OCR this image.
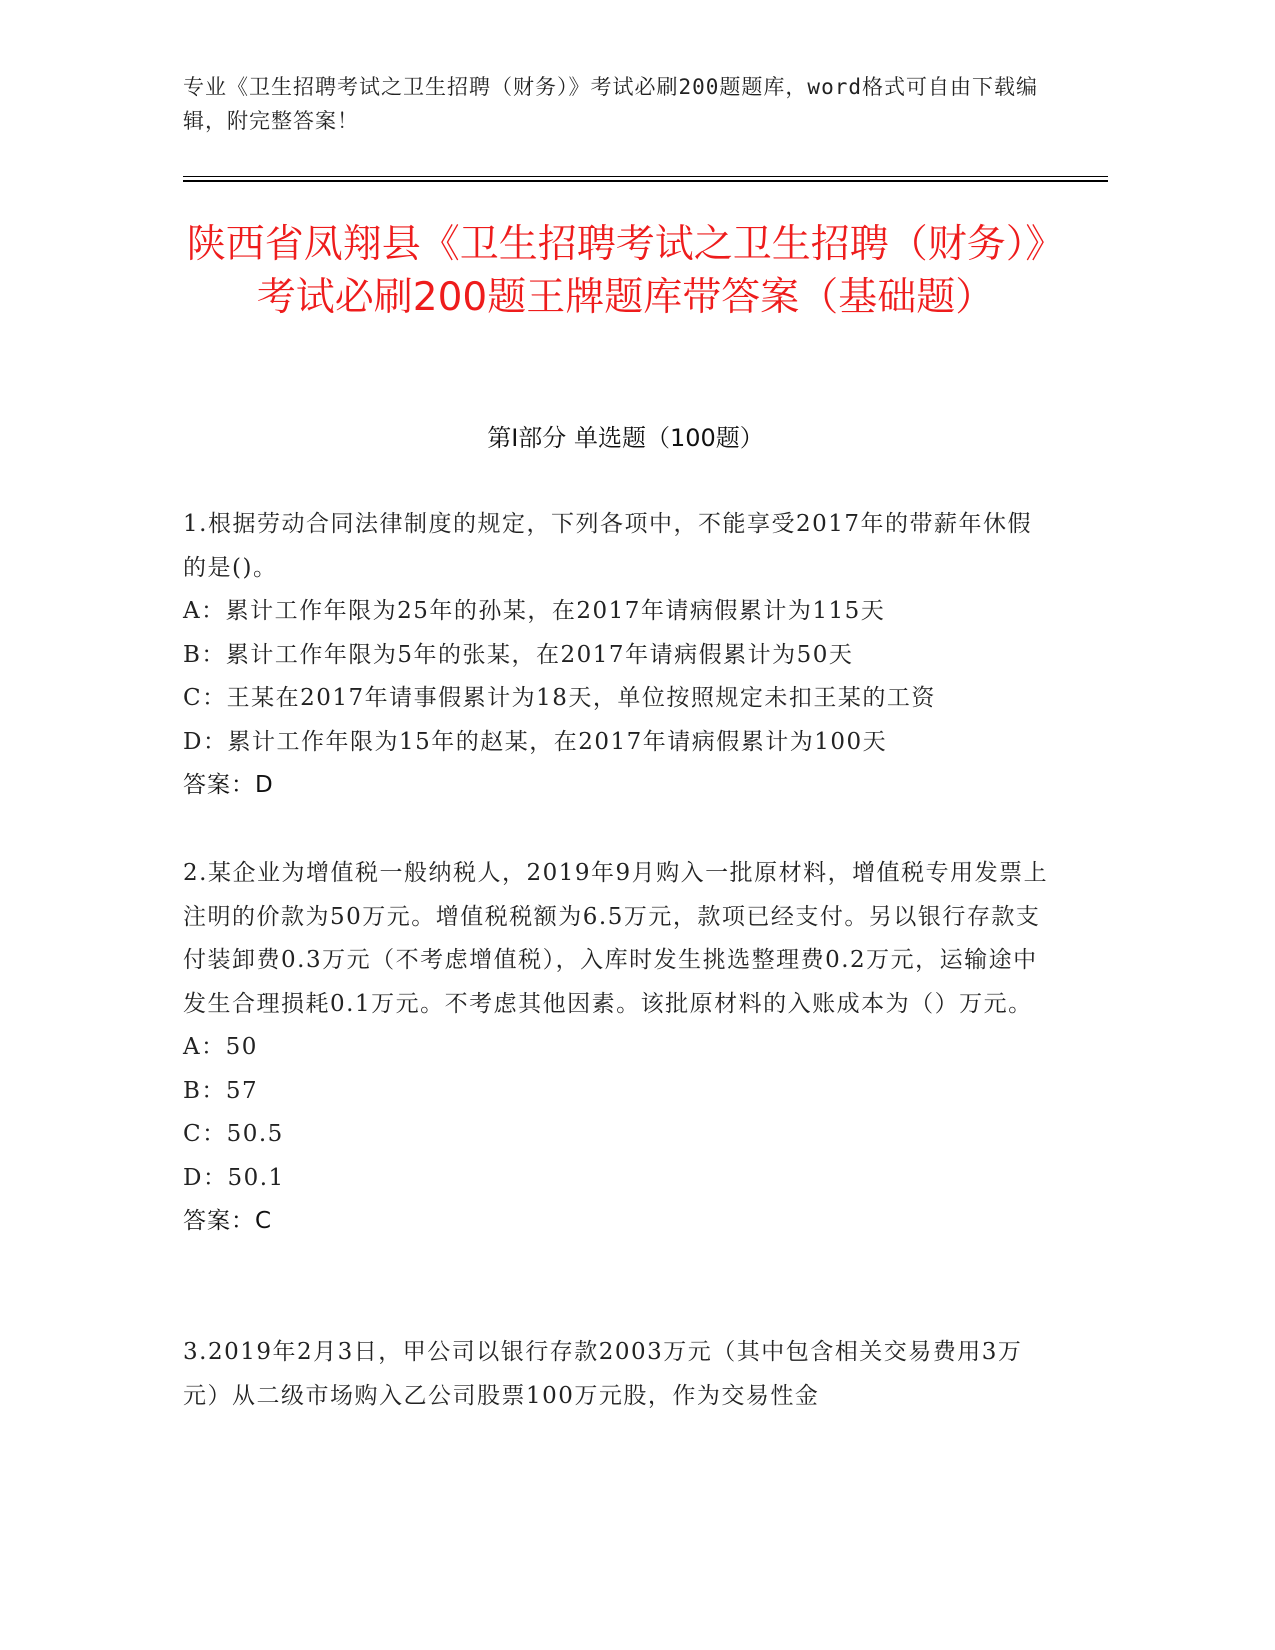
专业《卫生招聘考试之卫生招聘（财务）》考试必刷200题题库，word格式可自由下载编辑，附完整答案！
陕西省凤翔县《卫生招聘考试之卫生招聘（财务）》考试必刷200题王牌题库带答案（基础题）
第Ⅰ部分 单选题（100题）
1.根据劳动合同法律制度的规定，下列各项中，不能享受2017年的带薪年休假的是()。
A：累计工作年限为25年的孙某，在2017年请病假累计为115天
B：累计工作年限为5年的张某，在2017年请病假累计为50天
C：王某在2017年请事假累计为18天，单位按照规定未扣王某的工资
D：累计工作年限为15年的赵某，在2017年请病假累计为100天
答案：D
2.某企业为增值税一般纳税人，2019年9月购入一批原材料，增值税专用发票上注明的价款为50万元。增值税税额为6.5万元，款项已经支付。另以银行存款支付装卸费0.3万元（不考虑增值税），入库时发生挑选整理费0.2万元，运输途中发生合理损耗0.1万元。不考虑其他因素。该批原材料的入账成本为（）万元。
A：50
B：57
C：50.5
D：50.1
答案：C
3.2019年2月3日，甲公司以银行存款2003万元（其中包含相关交易费用3万元）从二级市场购入乙公司股票100万元股，作为交易性金
